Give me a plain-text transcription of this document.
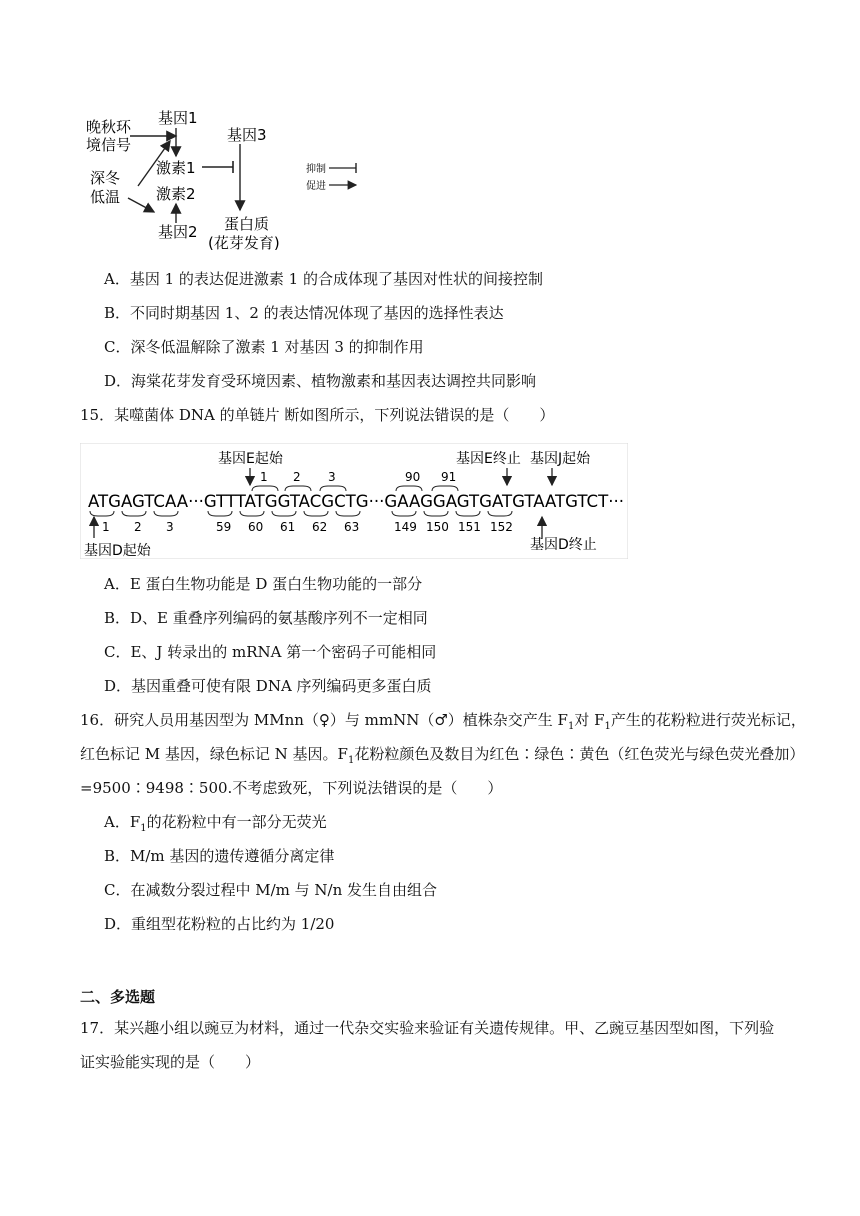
晚秋环
境信号
深冬
低温
基因1
激素1
激素2
基因2
基因3
蛋白质
(花芽发育)
抑制
促进
A．基因 1 的表达促进激素 1 的合成体现了基因对性状的间接控制
B．不同时期基因 1、2 的表达情况体现了基因的选择性表达
C．深冬低温解除了激素 1 对基因 3 的抑制作用
D．海棠花芽发育受环境因素、植物激素和基因表达调控共同影响
15．某噬菌体 DNA 的单链片 断如图所示，下列说法错误的是（　　）
基因E起始	基因E终止 基因J起始
1 2 3	90 91
ATGAGTCAA···GTTTATGGTACGCTG···GAAGGAGTGATGTAATGTCT···
1 2 3	59 60 61 62 63	149 150 151 152
基因D起始	基因D终止
A．E 蛋白生物功能是 D 蛋白生物功能的一部分
B．D、E 重叠序列编码的氨基酸序列不一定相同
C．E、J 转录出的 mRNA 第一个密码子可能相同
D．基因重叠可使有限 DNA 序列编码更多蛋白质
16．研究人员用基因型为 MMnn（♀）与 mmNN（♂）植株杂交产生 $F_1$对 $F_1$产生的花粉粒进行荧光标记，
红色标记 M 基因，绿色标记 N 基因。$F_1$花粉粒颜色及数目为红色∶绿色∶黄色（红色荧光与绿色荧光叠加）
=9500∶9498∶500.不考虑致死，下列说法错误的是（　　）
A．$F_1$的花粉粒中有一部分无荧光
B．M/m 基因的遗传遵循分离定律
C．在减数分裂过程中 M/m 与 N/n 发生自由组合
D．重组型花粉粒的占比约为 1/20
二、多选题
17．某兴趣小组以豌豆为材料，通过一代杂交实验来验证有关遗传规律。甲、乙豌豆基因型如图，下列验
证实验能实现的是（　　）
